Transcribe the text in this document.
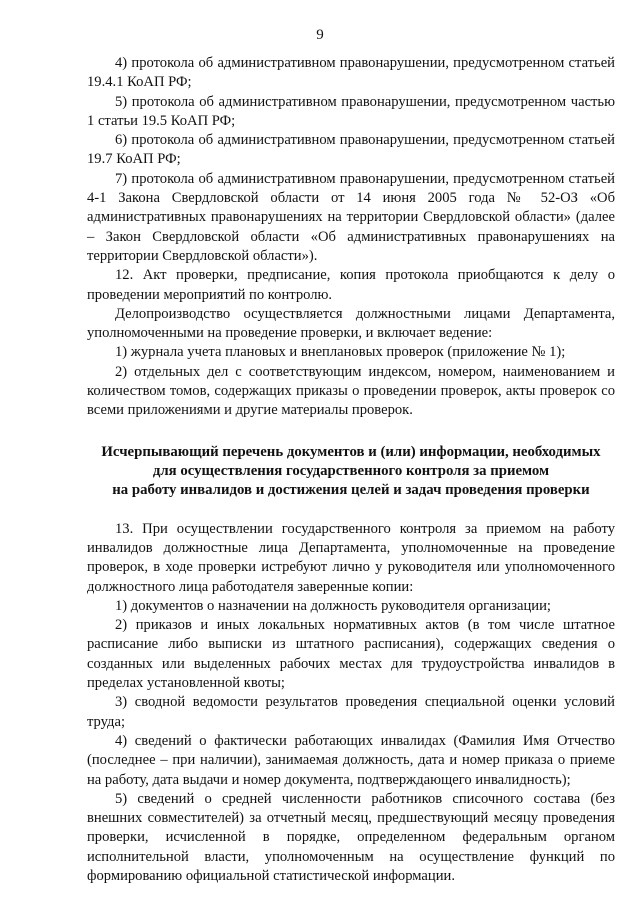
9

4) протокола об административном правонарушении, предусмотренном статьей 19.4.1 КоАП РФ;

5) протокола об административном правонарушении, предусмотренном частью 1 статьи 19.5 КоАП РФ;

6) протокола об административном правонарушении, предусмотренном статьей 19.7 КоАП РФ;

7) протокола об административном правонарушении, предусмотренном статьей 4-1 Закона Свердловской области от 14 июня 2005 года № 52-ОЗ «Об административных правонарушениях на территории Свердловской области» (далее – Закон Свердловской области «Об административных правонарушениях на территории Свердловской области»).

12. Акт проверки, предписание, копия протокола приобщаются к делу о проведении мероприятий по контролю.

Делопроизводство осуществляется должностными лицами Департамента, уполномоченными на проведение проверки, и включает ведение:

1) журнала учета плановых и внеплановых проверок (приложение № 1);

2) отдельных дел с соответствующим индексом, номером, наименованием и количеством томов, содержащих приказы о проведении проверок, акты проверок со всеми приложениями и другие материалы проверок.

Исчерпывающий перечень документов и (или) информации, необходимых
для осуществления государственного контроля за приемом
на работу инвалидов и достижения целей и задач проведения проверки

13. При осуществлении государственного контроля за приемом на работу инвалидов должностные лица Департамента, уполномоченные на проведение проверок, в ходе проверки истребуют лично у руководителя или уполномоченного должностного лица работодателя заверенные копии:

1) документов о назначении на должность руководителя организации;

2) приказов и иных локальных нормативных актов (в том числе штатное расписание либо выписки из штатного расписания), содержащих сведения о созданных или выделенных рабочих местах для трудоустройства инвалидов в пределах установленной квоты;

3) сводной ведомости результатов проведения специальной оценки условий труда;

4) сведений о фактически работающих инвалидах (Фамилия Имя Отчество (последнее – при наличии), занимаемая должность, дата и номер приказа о приеме на работу, дата выдачи и номер документа, подтверждающего инвалидность);

5) сведений о средней численности работников списочного состава (без внешних совместителей) за отчетный месяц, предшествующий месяцу проведения проверки, исчисленной в порядке, определенном федеральным органом исполнительной власти, уполномоченным на осуществление функций по формированию официальной статистической информации.
